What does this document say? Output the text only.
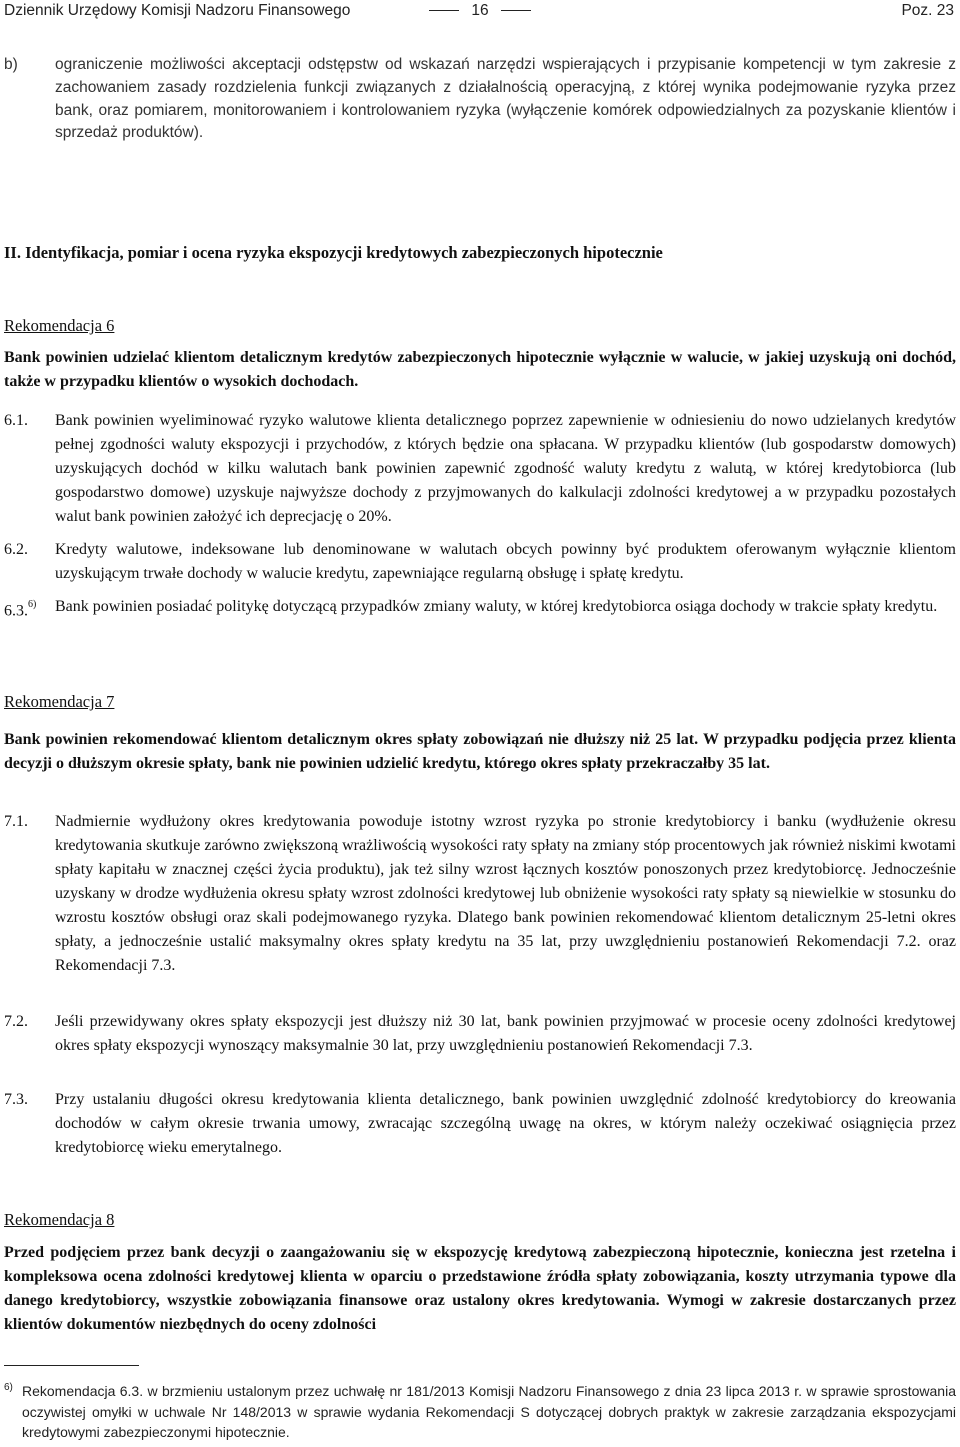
Dziennik Urzędowy Komisji Nadzoru Finansowego	16	Poz. 23
b) ograniczenie możliwości akceptacji odstępstw od wskazań narzędzi wspierających i przypisanie kompetencji w tym zakresie z zachowaniem zasady rozdzielenia funkcji związanych z działalnością operacyjną, z której wynika podejmowanie ryzyka przez bank, oraz pomiarem, monitorowaniem i kontrolowaniem ryzyka (wyłączenie komórek odpowiedzialnych za pozyskanie klientów i sprzedaż produktów).
II. Identyfikacja, pomiar i ocena ryzyka ekspozycji kredytowych zabezpieczonych hipotecznie
Rekomendacja 6
Bank powinien udzielać klientom detalicznym kredytów zabezpieczonych hipotecznie wyłącznie w walucie, w jakiej uzyskują oni dochód, także w przypadku klientów o wysokich dochodach.
6.1. Bank powinien wyeliminować ryzyko walutowe klienta detalicznego poprzez zapewnienie w odniesieniu do nowo udzielanych kredytów pełnej zgodności waluty ekspozycji i przychodów, z których będzie ona spłacana. W przypadku klientów (lub gospodarstw domowych) uzyskujących dochód w kilku walutach bank powinien zapewnić zgodność waluty kredytu z walutą, w której kredytobiorca (lub gospodarstwo domowe) uzyskuje najwyższe dochody z przyjmowanych do kalkulacji zdolności kredytowej a w przypadku pozostałych walut bank powinien założyć ich deprecjację o 20%.
6.2. Kredyty walutowe, indeksowane lub denominowane w walutach obcych powinny być produktem oferowanym wyłącznie klientom uzyskującym trwałe dochody w walucie kredytu, zapewniające regularną obsługę i spłatę kredytu.
6.3.$^{6)}$ Bank powinien posiadać politykę dotyczącą przypadków zmiany waluty, w której kredytobiorca osiąga dochody w trakcie spłaty kredytu.
Rekomendacja 7
Bank powinien rekomendować klientom detalicznym okres spłaty zobowiązań nie dłuższy niż 25 lat. W przypadku podjęcia przez klienta decyzji o dłuższym okresie spłaty, bank nie powinien udzielić kredytu, którego okres spłaty przekraczałby 35 lat.
7.1. Nadmiernie wydłużony okres kredytowania powoduje istotny wzrost ryzyka po stronie kredytobiorcy i banku (wydłużenie okresu kredytowania skutkuje zarówno zwiększoną wrażliwością wysokości raty spłaty na zmiany stóp procentowych jak również niskimi kwotami spłaty kapitału w znacznej części życia produktu), jak też silny wzrost łącznych kosztów ponoszonych przez kredytobiorcę. Jednocześnie uzyskany w drodze wydłużenia okresu spłaty wzrost zdolności kredytowej lub obniżenie wysokości raty spłaty są niewielkie w stosunku do wzrostu kosztów obsługi oraz skali podejmowanego ryzyka. Dlatego bank powinien rekomendować klientom detalicznym 25-letni okres spłaty, a jednocześnie ustalić maksymalny okres spłaty kredytu na 35 lat, przy uwzględnieniu postanowień Rekomendacji 7.2. oraz Rekomendacji 7.3.
7.2. Jeśli przewidywany okres spłaty ekspozycji jest dłuższy niż 30 lat, bank powinien przyjmować w procesie oceny zdolności kredytowej okres spłaty ekspozycji wynoszący maksymalnie 30 lat, przy uwzględnieniu postanowień Rekomendacji 7.3.
7.3. Przy ustalaniu długości okresu kredytowania klienta detalicznego, bank powinien uwzględnić zdolność kredytobiorcy do kreowania dochodów w całym okresie trwania umowy, zwracając szczególną uwagę na okres, w którym należy oczekiwać osiągnięcia przez kredytobiorcę wieku emerytalnego.
Rekomendacja 8
Przed podjęciem przez bank decyzji o zaangażowaniu się w ekspozycję kredytową zabezpieczoną hipotecznie, konieczna jest rzetelna i kompleksowa ocena zdolności kredytowej klienta w oparciu o przedstawione źródła spłaty zobowiązania, koszty utrzymania typowe dla danego kredytobiorcy, wszystkie zobowiązania finansowe oraz ustalony okres kredytowania. Wymogi w zakresie dostarczanych przez klientów dokumentów niezbędnych do oceny zdolności
6) Rekomendacja 6.3. w brzmieniu ustalonym przez uchwałę nr 181/2013 Komisji Nadzoru Finansowego z dnia 23 lipca 2013 r. w sprawie sprostowania oczywistej omyłki w uchwale Nr 148/2013 w sprawie wydania Rekomendacji S dotyczącej dobrych praktyk w zakresie zarządzania ekspozycjami kredytowymi zabezpieczonymi hipotecznie.
